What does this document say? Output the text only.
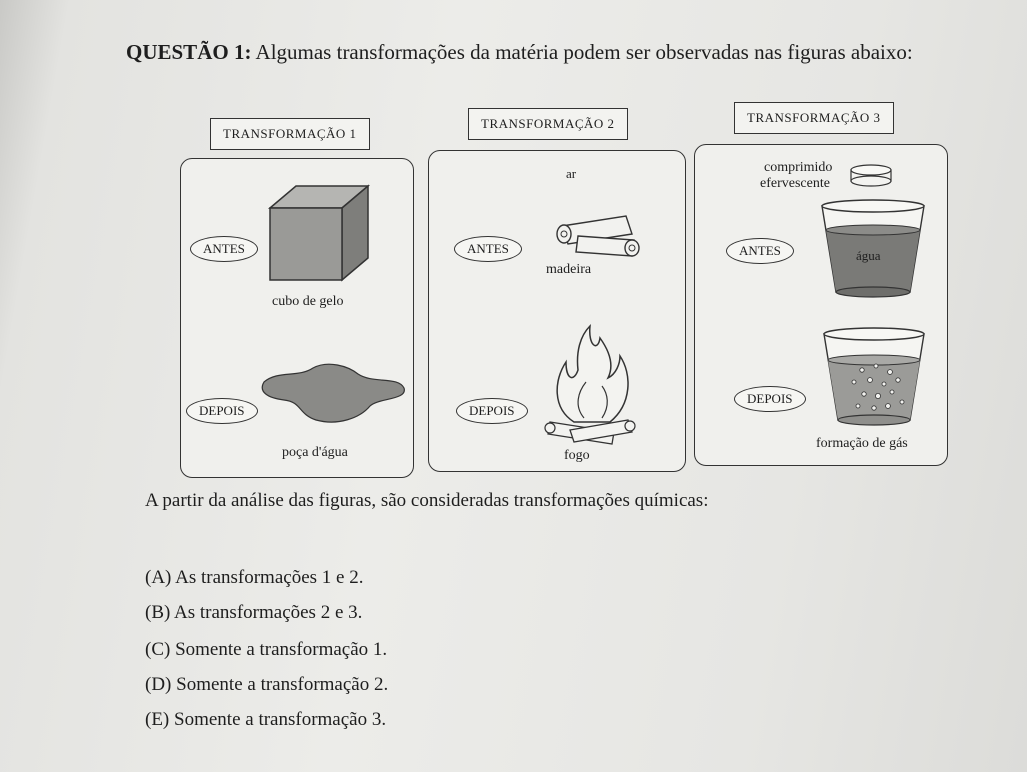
QUESTÃO 1: Algumas transformações da matéria podem ser observadas nas figuras abaixo:
TRANSFORMAÇÃO 1
ANTES
cubo de gelo
DEPOIS
poça d'água
TRANSFORMAÇÃO 2
ar
ANTES
madeira
DEPOIS
fogo
TRANSFORMAÇÃO 3
comprimido
efervescente
ANTES	água
DEPOIS
formação de gás
A partir da análise das figuras, são consideradas transformações químicas:
(A) As transformações 1 e 2.
(B) As transformações 2 e 3.
(C) Somente a transformação 1.
(D) Somente a transformação 2.
(E) Somente a transformação 3.
